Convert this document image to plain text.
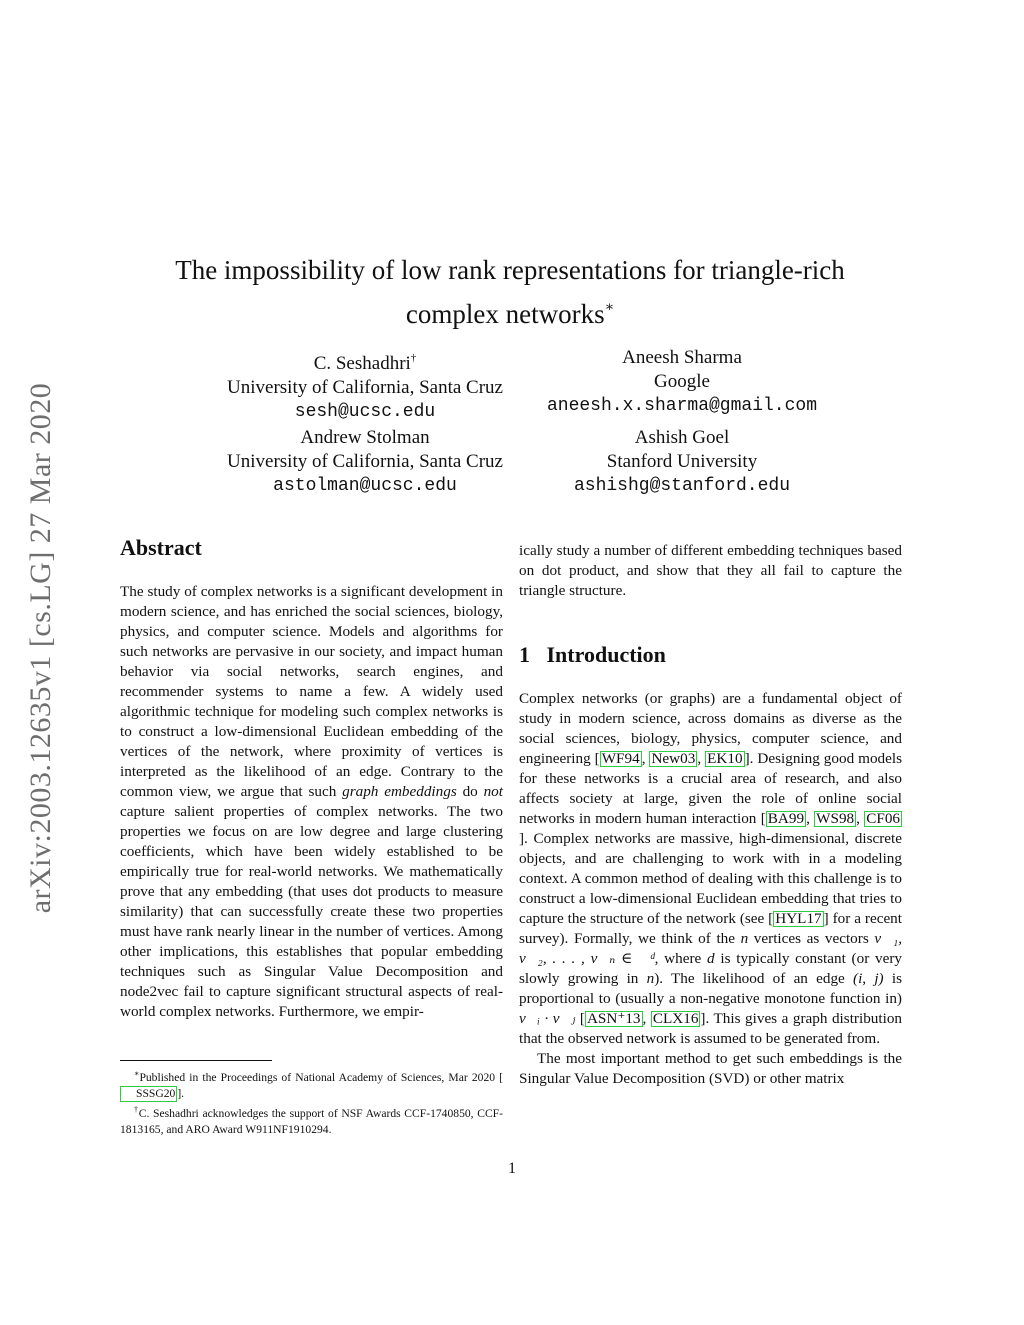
arXiv:2003.12635v1 [cs.LG] 27 Mar 2020
The impossibility of low rank representations for triangle-rich
complex networks∗
C. Seshadhri†
University of California, Santa Cruz
sesh@ucsc.edu
Aneesh Sharma
Google
aneesh.x.sharma@gmail.com
Andrew Stolman
University of California, Santa Cruz
astolman@ucsc.edu
Ashish Goel
Stanford University
ashishg@stanford.edu
Abstract

The study of complex networks is a significant development in modern science, and has enriched the social sciences, biology, physics, and computer science. Models and algorithms for such networks are pervasive in our society, and impact human behavior via social networks, search engines, and recommender systems to name a few. A widely used algorithmic technique for modeling such complex networks is to construct a low-dimensional Euclidean embedding of the vertices of the network, where proximity of vertices is interpreted as the likelihood of an edge. Contrary to the common view, we argue that such graph embeddings do not capture salient properties of complex networks. The two properties we focus on are low degree and large clustering coefficients, which have been widely established to be empirically true for real-world networks. We mathematically prove that any embedding (that uses dot products to measure similarity) that can successfully create these two properties must have rank nearly linear in the number of vertices. Among other implications, this establishes that popular embedding techniques such as Singular Value Decomposition and node2vec fail to capture significant structural aspects of real-world complex networks. Furthermore, we empir-

∗Published in the Proceedings of National Academy of Sciences, Mar 2020 [SSSG20 ].
†C. Seshadhri acknowledges the support of NSF Awards CCF-1740850, CCF-1813165, and ARO Award W911NF1910294.

ically study a number of different embedding techniques based on dot product, and show that they all fail to capture the triangle structure.

1 Introduction

Complex networks (or graphs) are a fundamental object of study in modern science, across domains as diverse as the social sciences, biology, physics, computer science, and engineering [ WF94 , New03 , EK10 ]. Designing good models for these networks is a crucial area of research, and also affects society at large, given the role of online social networks in modern human interaction [ BA99 , WS98 , CF06]. Complex networks are massive, high-dimensional, discrete objects, and are challenging to work with in a modeling context. A common method of dealing with this challenge is to construct a low-dimensional Euclidean embedding that tries to capture the structure of the network (see [ HYL17 ] for a recent survey). Formally, we think of the n vertices as vectors v⃗₁, v⃗₂, . . . , v⃗ₙ ∈ ℝᵈ, where d is typically constant (or very slowly growing in n). The likelihood of an edge (i, j) is proportional to (usually a non-negative monotone function in) v⃗ᵢ · v⃗ⱼ [ ASN⁺13 , CLX16 ]. This gives a graph distribution that the observed network is assumed to be generated from.

The most important method to get such embeddings is the Singular Value Decomposition (SVD) or other matrix

1
